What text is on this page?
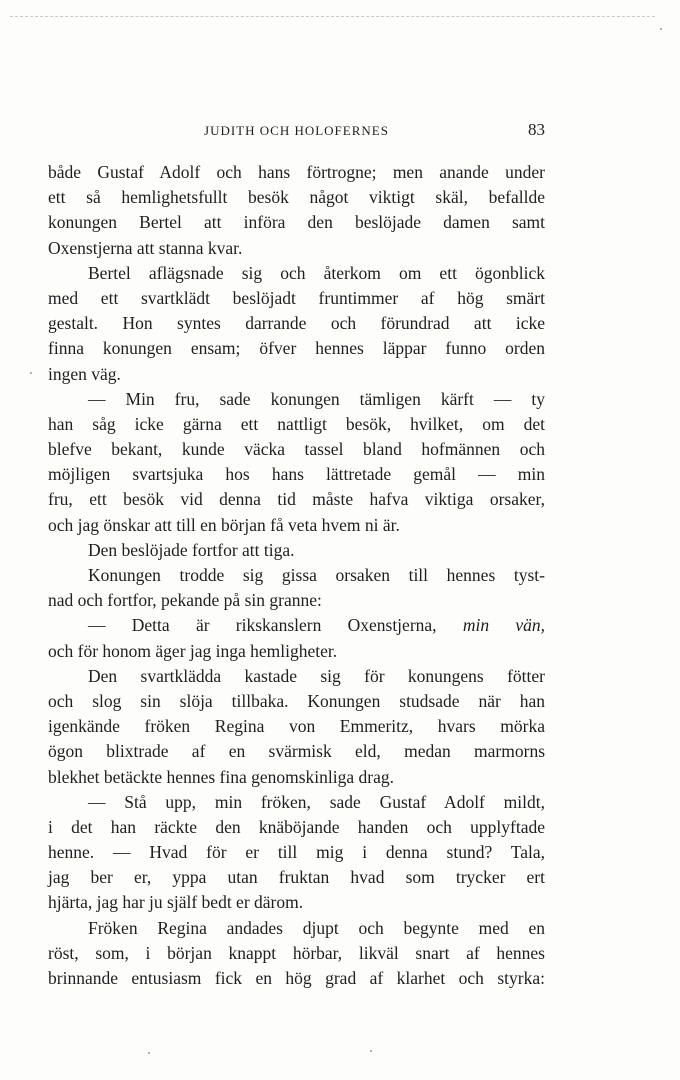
JUDITH OCH HOLOFERNES	83
både Gustaf Adolf och hans förtrogne; men anande under
ett så hemlighetsfullt besök något viktigt skäl, befallde
konungen Bertel att införa den beslöjade damen samt
Oxenstjerna att stanna kvar.
Bertel aflägsnade sig och återkom om ett ögonblick
med ett svartklädt beslöjadt fruntimmer af hög smärt
gestalt. Hon syntes darrande och förundrad att icke
finna konungen ensam; öfver hennes läppar funno orden
ingen väg.
— Min fru, sade konungen tämligen kärft — ty
han såg icke gärna ett nattligt besök, hvilket, om det
blefve bekant, kunde väcka tassel bland hofmännen och
möjligen svartsjuka hos hans lättretade gemål — min
fru, ett besök vid denna tid måste hafva viktiga orsaker,
och jag önskar att till en början få veta hvem ni är.
Den beslöjade fortfor att tiga.
Konungen trodde sig gissa orsaken till hennes tyst-
nad och fortfor, pekande på sin granne:
— Detta är rikskanslern Oxenstjerna, min vän,
och för honom äger jag inga hemligheter.
Den svartklädda kastade sig för konungens fötter
och slog sin slöja tillbaka. Konungen studsade när han
igenkände fröken Regina von Emmeritz, hvars mörka
ögon blixtrade af en svärmisk eld, medan marmorns
blekhet betäckte hennes fina genomskinliga drag.
— Stå upp, min fröken, sade Gustaf Adolf mildt,
i det han räckte den knäböjande handen och upplyftade
henne. — Hvad för er till mig i denna stund? Tala,
jag ber er, yppa utan fruktan hvad som trycker ert
hjärta, jag har ju själf bedt er därom.
Fröken Regina andades djupt och begynte med en
röst, som, i början knappt hörbar, likväl snart af hennes
brinnande entusiasm fick en hög grad af klarhet och styrka:
